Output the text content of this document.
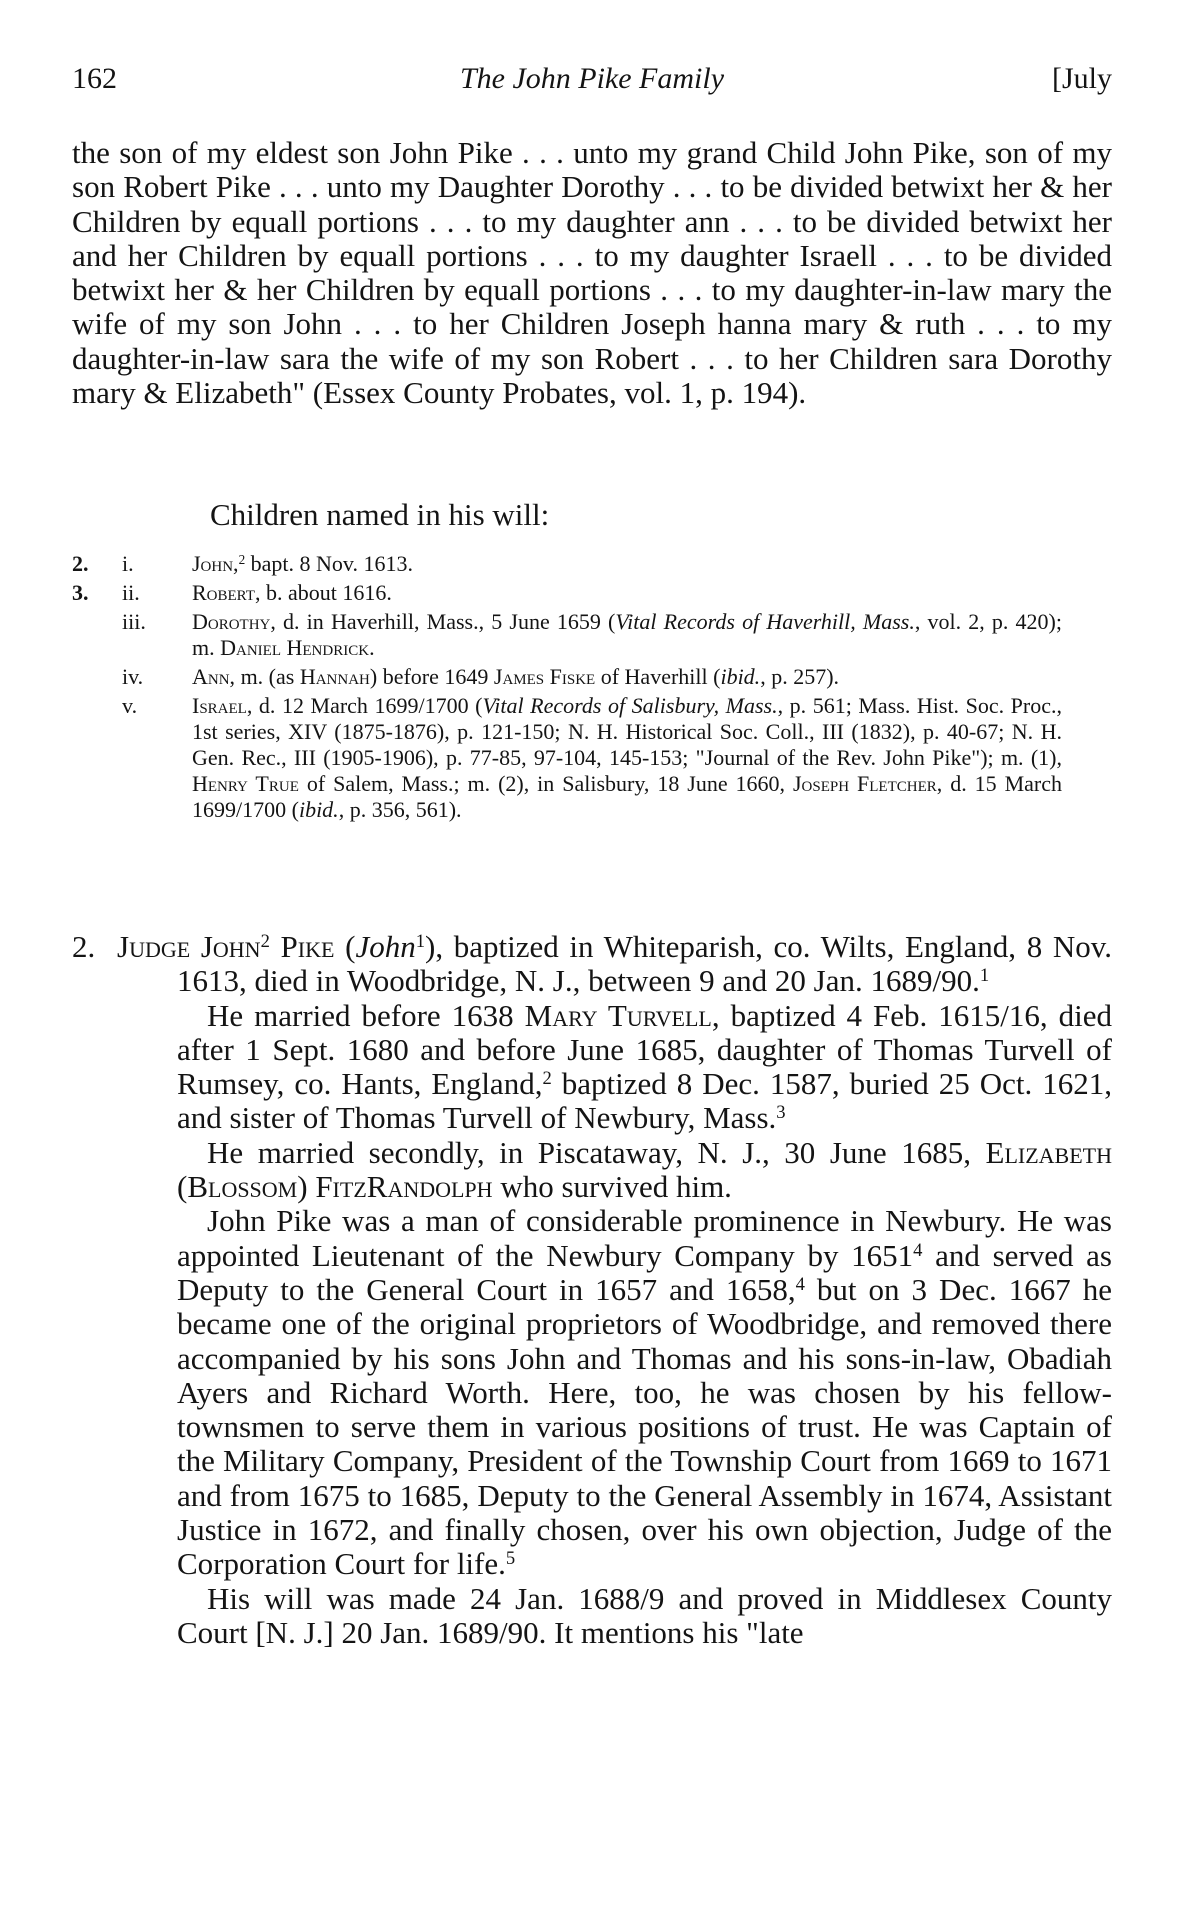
162	The John Pike Family	[July

the son of my eldest son John Pike . . . unto my grand Child John Pike, son of my son Robert Pike . . . unto my Daughter Dorothy . . . to be divided betwixt her & her Children by equall portions . . . to my daughter ann . . . to be divided betwixt her and her Children by equall portions . . . to my daughter Israell . . . to be divided betwixt her & her Children by equall portions . . . to my daughter-in-law mary the wife of my son John . . . to her Children Joseph hanna mary & ruth . . . to my daughter-in-law sara the wife of my son Robert . . . to her Children sara Dorothy mary & Elizabeth" (Essex County Probates, vol. 1, p. 194).

Children named in his will:
2.	i.	John,$^2$ bapt. 8 Nov. 1613.
3.	ii.	Robert, b. about 1616.
iii.	Dorothy, d. in Haverhill, Mass., 5 June 1659 (Vital Records of Haverhill, Mass., vol. 2, p. 420); m. Daniel Hendrick.
iv.	Ann, m. (as Hannah) before 1649 James Fiske of Haverhill (ibid., p. 257).
v.	Israel, d. 12 March 1699/1700 (Vital Records of Salisbury, Mass., p. 561; Mass. Hist. Soc. Proc., 1st series, XIV (1875-1876), p. 121-150; N. H. Historical Soc. Coll., III (1832), p. 40-67; N. H. Gen. Rec., III (1905-1906), p. 77-85, 97-104, 145-153; "Journal of the Rev. John Pike"); m. (1), Henry True of Salem, Mass.; m. (2), in Salisbury, 18 June 1660, Joseph Fletcher, d. 15 March 1699/1700 (ibid., p. 356, 561).

2. Judge John$^2$ Pike (John$^1$), baptized in Whiteparish, co. Wilts, England, 8 Nov. 1613, died in Woodbridge, N. J., between 9 and 20 Jan. 1689/90.$^1$

He married before 1638 Mary Turvell, baptized 4 Feb. 1615/16, died after 1 Sept. 1680 and before June 1685, daughter of Thomas Turvell of Rumsey, co. Hants, England,$^2$ baptized 8 Dec. 1587, buried 25 Oct. 1621, and sister of Thomas Turvell of Newbury, Mass.$^3$

He married secondly, in Piscataway, N. J., 30 June 1685, Elizabeth (Blossom) FitzRandolph who survived him.

John Pike was a man of considerable prominence in Newbury. He was appointed Lieutenant of the Newbury Company by 1651$^4$ and served as Deputy to the General Court in 1657 and 1658,$^4$ but on 3 Dec. 1667 he became one of the original proprietors of Woodbridge, and removed there accompanied by his sons John and Thomas and his sons-in-law, Obadiah Ayers and Richard Worth. Here, too, he was chosen by his fellow-townsmen to serve them in various positions of trust. He was Captain of the Military Company, President of the Township Court from 1669 to 1671 and from 1675 to 1685, Deputy to the General Assembly in 1674, Assistant Justice in 1672, and finally chosen, over his own objection, Judge of the Corporation Court for life.$^5$

His will was made 24 Jan. 1688/9 and proved in Middlesex County Court [N. J.] 20 Jan. 1689/90. It mentions his "late
